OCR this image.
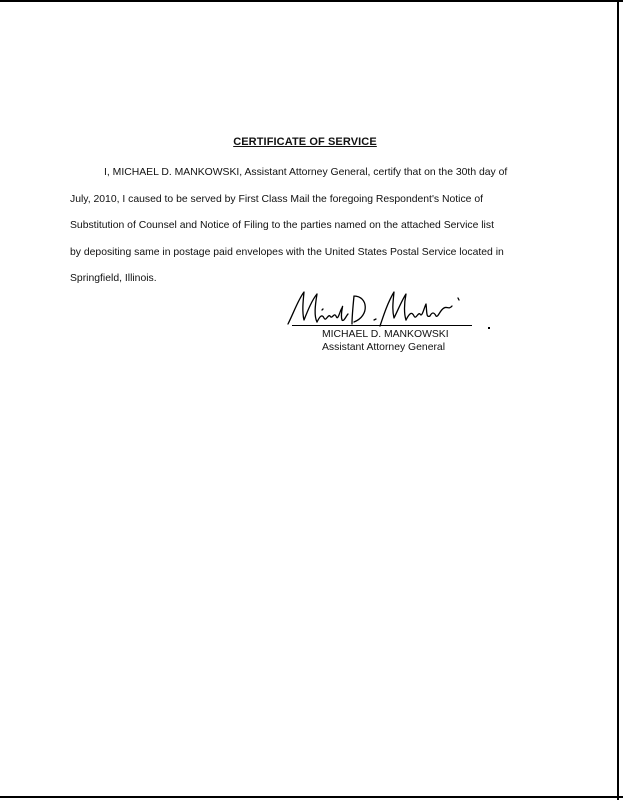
CERTIFICATE OF SERVICE
I, MICHAEL D. MANKOWSKI, Assistant Attorney General, certify that on the 30th day of
July, 2010, I caused to be served by First Class Mail the foregoing Respondent's Notice of
Substitution of Counsel and Notice of Filing to the parties named on the attached Service list
by depositing same in postage paid envelopes with the United States Postal Service located in
Springfield, Illinois.
MICHAEL D. MANKOWSKI
Assistant Attorney General
